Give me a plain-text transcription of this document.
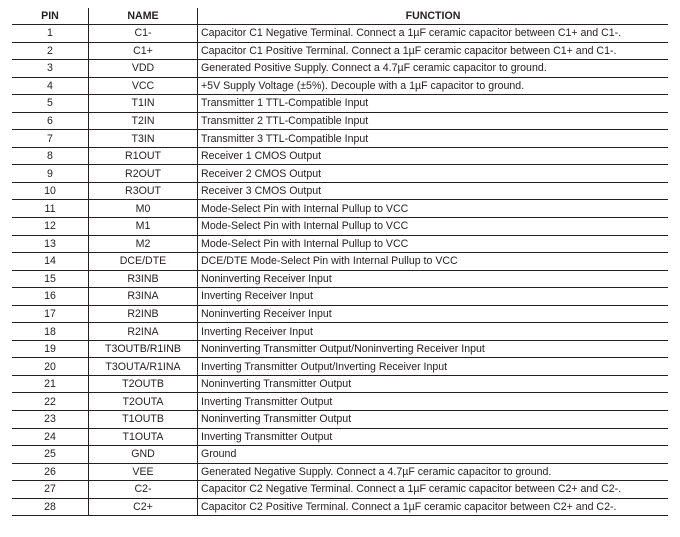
PIN	NAME	FUNCTION
1	C1-	Capacitor C1 Negative Terminal. Connect a 1µF ceramic capacitor between C1+ and C1-.
2	C1+	Capacitor C1 Positive Terminal. Connect a 1µF ceramic capacitor between C1+ and C1-.
3	VDD	Generated Positive Supply. Connect a 4.7µF ceramic capacitor to ground.
4	VCC	+5V Supply Voltage (±5%). Decouple with a 1µF capacitor to ground.
5	T1IN	Transmitter 1 TTL-Compatible Input
6	T2IN	Transmitter 2 TTL-Compatible Input
7	T3IN	Transmitter 3 TTL-Compatible Input
8	R1OUT	Receiver 1 CMOS Output
9	R2OUT	Receiver 2 CMOS Output
10	R3OUT	Receiver 3 CMOS Output
11	M0	Mode-Select Pin with Internal Pullup to VCC
12	M1	Mode-Select Pin with Internal Pullup to VCC
13	M2	Mode-Select Pin with Internal Pullup to VCC
14	DCE/DTE	DCE/DTE Mode-Select Pin with Internal Pullup to VCC
15	R3INB	Noninverting Receiver Input
16	R3INA	Inverting Receiver Input
17	R2INB	Noninverting Receiver Input
18	R2INA	Inverting Receiver Input
19	T3OUTB/R1INB	Noninverting Transmitter Output/Noninverting Receiver Input
20	T3OUTA/R1INA	Inverting Transmitter Output/Inverting Receiver Input
21	T2OUTB	Noninverting Transmitter Output
22	T2OUTA	Inverting Transmitter Output
23	T1OUTB	Noninverting Transmitter Output
24	T1OUTA	Inverting Transmitter Output
25	GND	Ground
26	VEE	Generated Negative Supply. Connect a 4.7µF ceramic capacitor to ground.
27	C2-	Capacitor C2 Negative Terminal. Connect a 1µF ceramic capacitor between C2+ and C2-.
28	C2+	Capacitor C2 Positive Terminal. Connect a 1µF ceramic capacitor between C2+ and C2-.
